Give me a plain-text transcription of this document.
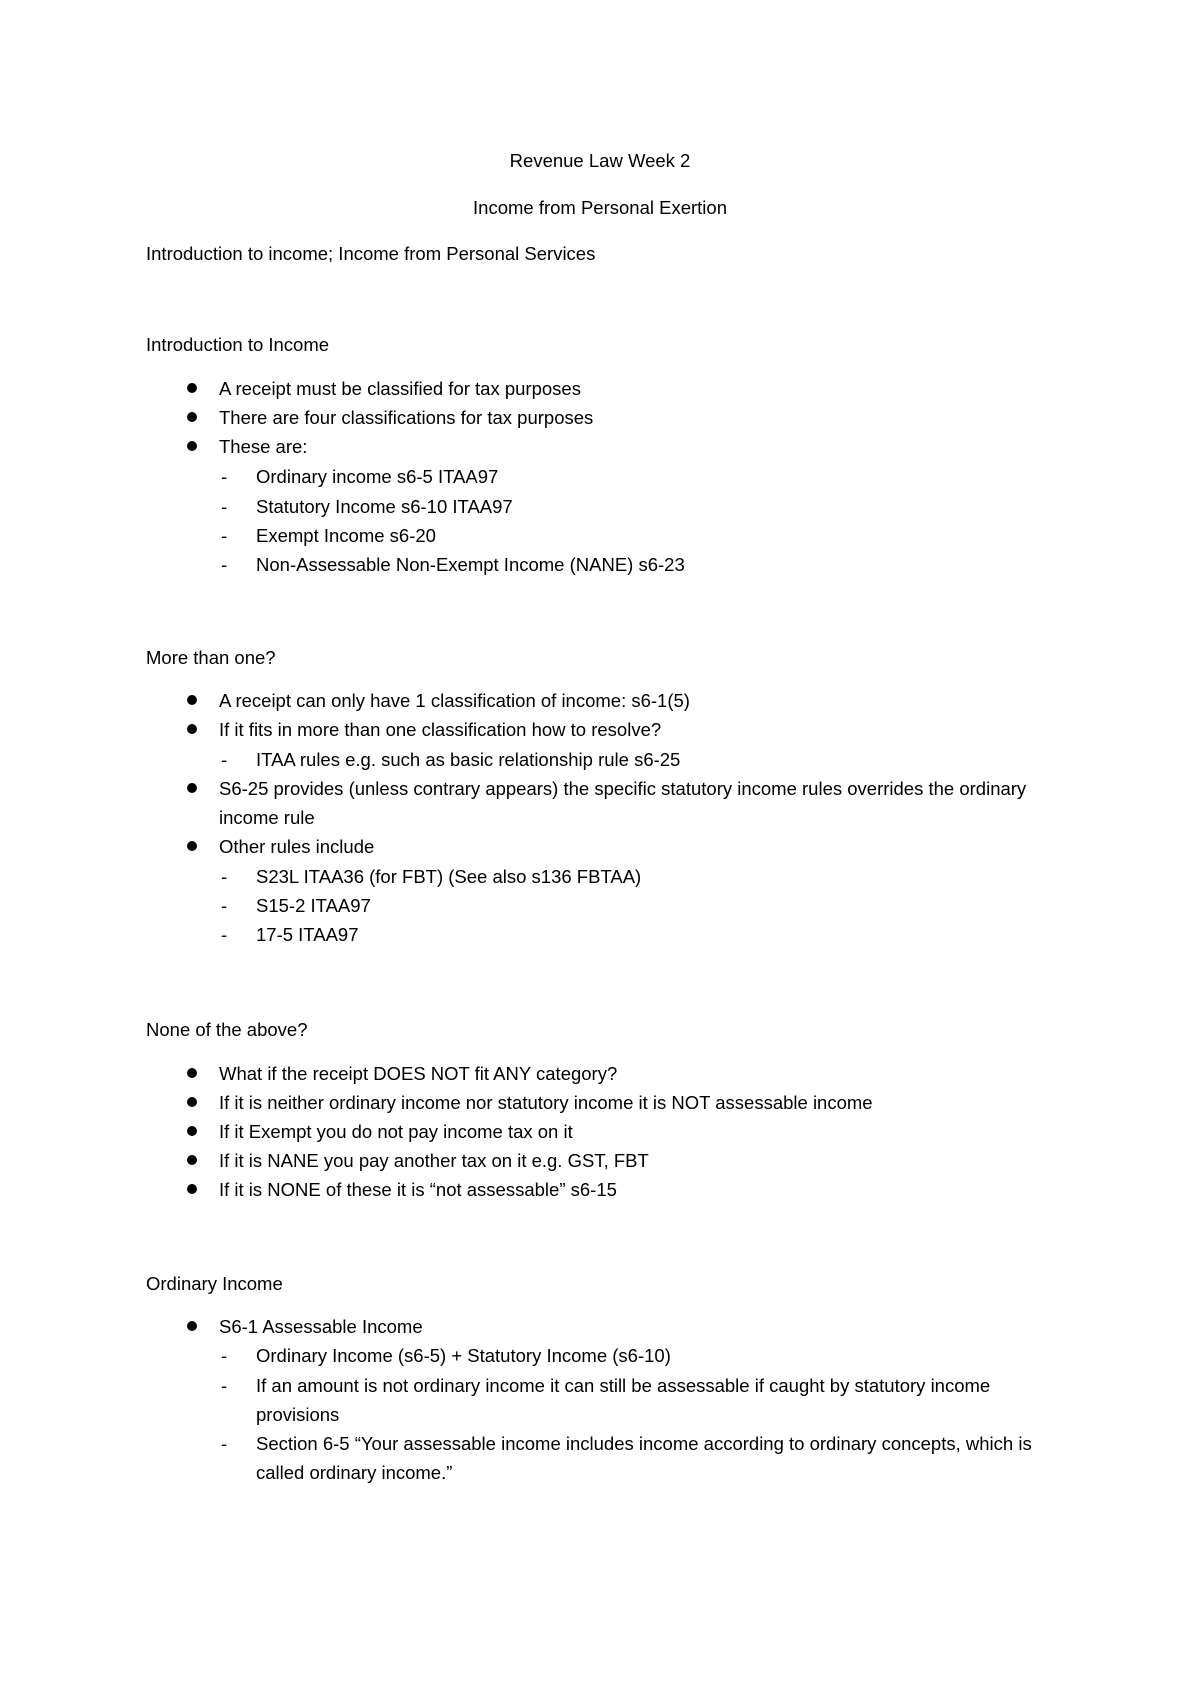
Revenue Law Week 2
Income from Personal Exertion
Introduction to income; Income from Personal Services
Introduction to Income
A receipt must be classified for tax purposes
There are four classifications for tax purposes
These are:
- Ordinary income s6-5 ITAA97
- Statutory Income s6-10 ITAA97
- Exempt Income s6-20
- Non-Assessable Non-Exempt Income (NANE) s6-23
More than one?
A receipt can only have 1 classification of income: s6-1(5)
If it fits in more than one classification how to resolve?
- ITAA rules e.g. such as basic relationship rule s6-25
S6-25 provides (unless contrary appears) the specific statutory income rules overrides the ordinary income rule
Other rules include
- S23L ITAA36 (for FBT) (See also s136 FBTAA)
- S15-2 ITAA97
- 17-5 ITAA97
None of the above?
What if the receipt DOES NOT fit ANY category?
If it is neither ordinary income nor statutory income it is NOT assessable income
If it Exempt you do not pay income tax on it
If it is NANE you pay another tax on it e.g. GST, FBT
If it is NONE of these it is “not assessable” s6-15
Ordinary Income
S6-1 Assessable Income
- Ordinary Income (s6-5) + Statutory Income (s6-10)
- If an amount is not ordinary income it can still be assessable if caught by statutory income provisions
- Section 6-5 “Your assessable income includes income according to ordinary concepts, which is called ordinary income.”
